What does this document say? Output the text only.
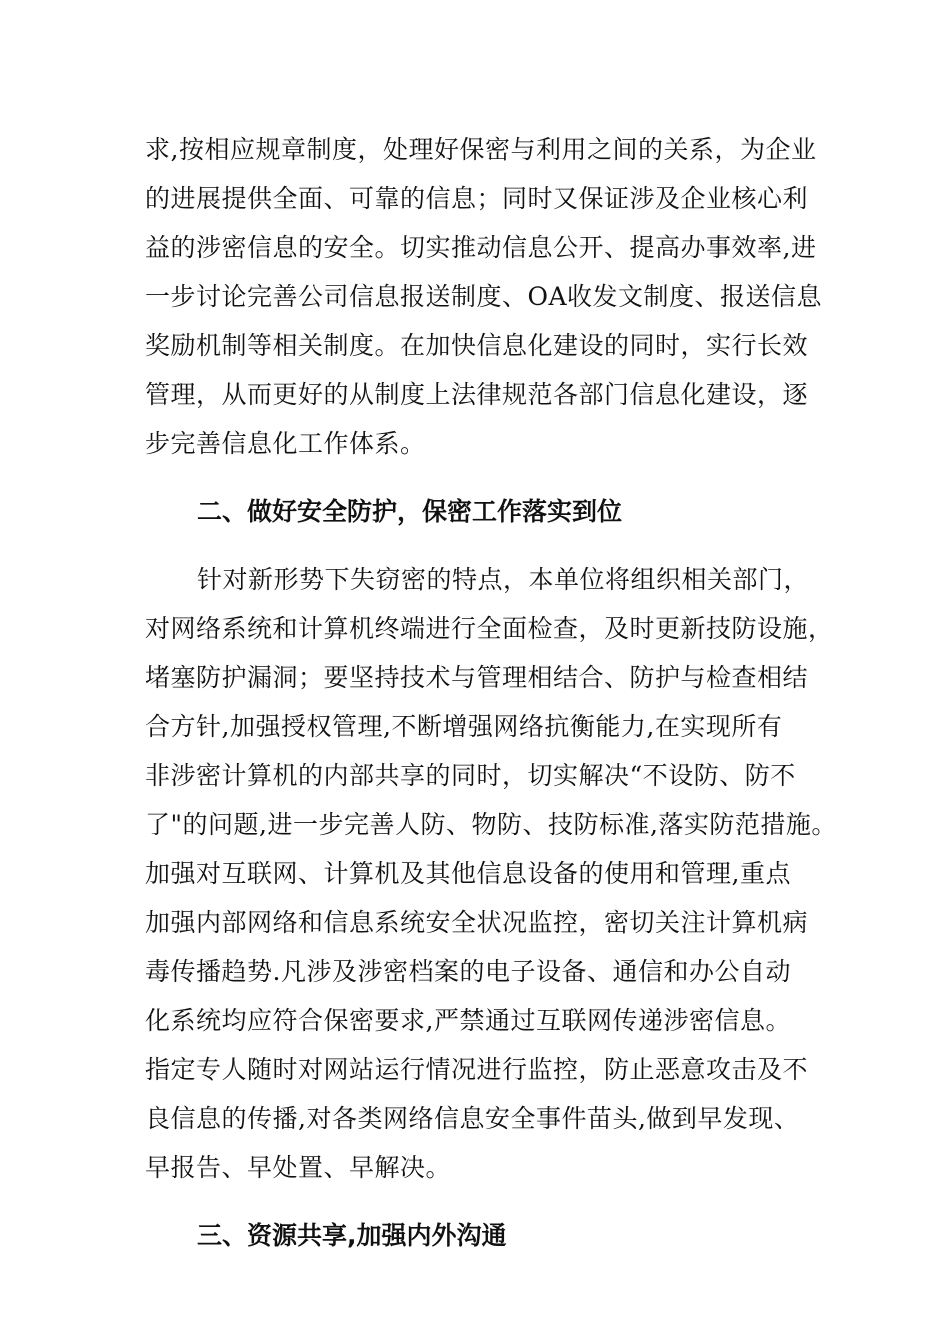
求,按相应规章制度，处理好保密与利用之间的关系，为企业
的进展提供全面、可靠的信息；同时又保证涉及企业核心利
益的涉密信息的安全。切实推动信息公开、提高办事效率,进
一步讨论完善公司信息报送制度、OA收发文制度、报送信息
奖励机制等相关制度。在加快信息化建设的同时，实行长效
管理，从而更好的从制度上法律规范各部门信息化建设，逐
步完善信息化工作体系。
二、做好安全防护，保密工作落实到位
针对新形势下失窃密的特点，本单位将组织相关部门，
对网络系统和计算机终端进行全面检查，及时更新技防设施，
堵塞防护漏洞；要坚持技术与管理相结合、防护与检查相结
合方针,加强授权管理,不断增强网络抗衡能力,在实现所有
非涉密计算机的内部共享的同时，切实解决“不设防、防不
了"的问题,进一步完善人防、物防、技防标准,落实防范措施。
加强对互联网、计算机及其他信息设备的使用和管理,重点
加强内部网络和信息系统安全状况监控，密切关注计算机病
毒传播趋势.凡涉及涉密档案的电子设备、通信和办公自动
化系统均应符合保密要求,严禁通过互联网传递涉密信息。
指定专人随时对网站运行情况进行监控，防止恶意攻击及不
良信息的传播,对各类网络信息安全事件苗头,做到早发现、
早报告、早处置、早解决。
三、资源共享,加强内外沟通
